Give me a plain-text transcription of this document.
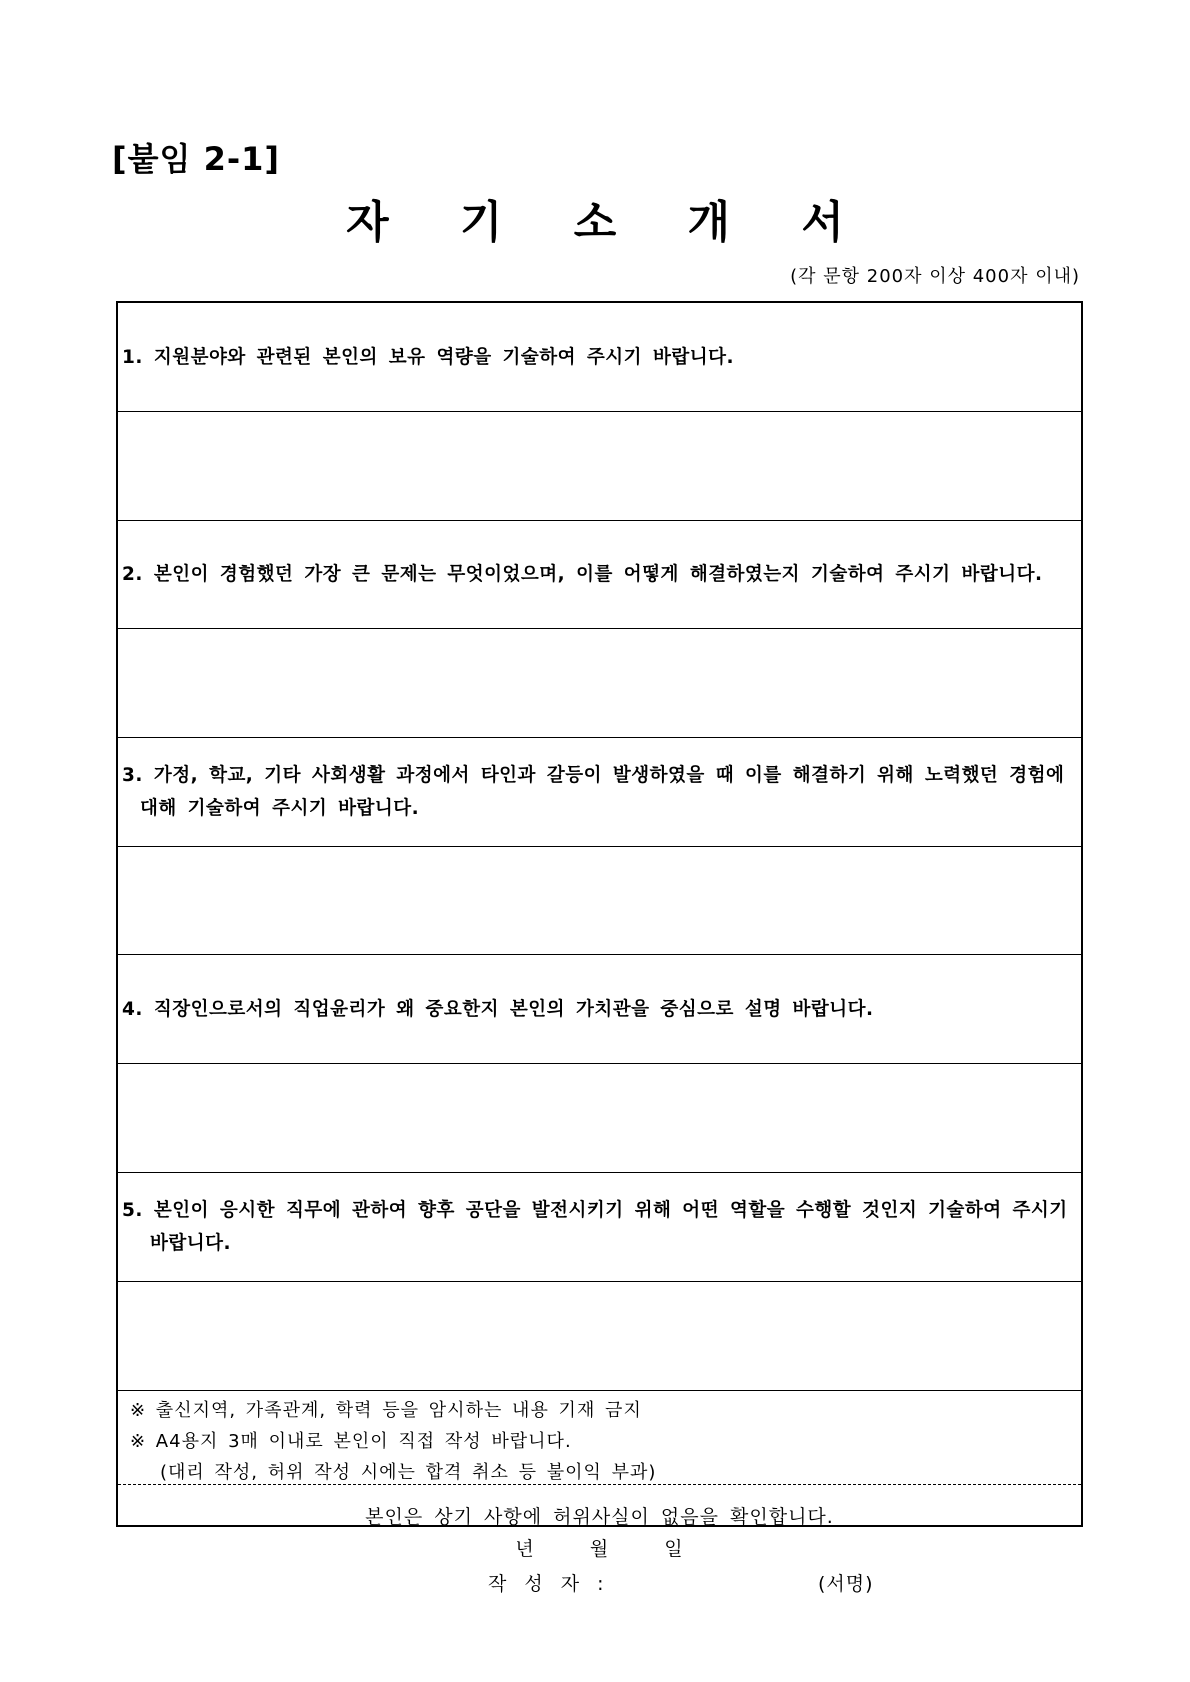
[붙임 2-1]
자 기 소 개 서
(각 문항 200자 이상 400자 이내)
1. 지원분야와 관련된 본인의 보유 역량을 기술하여 주시기 바랍니다.
2. 본인이 경험했던 가장 큰 문제는 무엇이었으며, 이를 어떻게 해결하였는지 기술하여 주시기 바랍니다.
3. 가정, 학교, 기타 사회생활 과정에서 타인과 갈등이 발생하였을 때 이를 해결하기 위해 노력했던 경험에
대해 기술하여 주시기 바랍니다.
4. 직장인으로서의 직업윤리가 왜 중요한지 본인의 가치관을 중심으로 설명 바랍니다.
5. 본인이 응시한 직무에 관하여 향후 공단을 발전시키기 위해 어떤 역할을 수행할 것인지 기술하여 주시기
바랍니다.
※ 출신지역, 가족관계, 학력 등을 암시하는 내용 기재 금지
※ A4용지 3매 이내로 본인이 직접 작성 바랍니다.
(대리 작성, 허위 작성 시에는 합격 취소 등 불이익 부과)
본인은 상기 사항에 허위사실이 없음을 확인합니다.
년	월	일
작 성 자 :	(서명)
